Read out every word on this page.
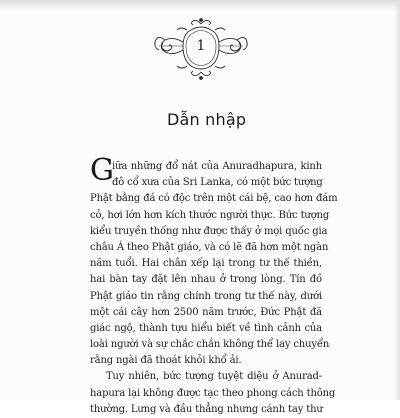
1
Dẫn nhập
G
iữa những đổ nát của Anuradhapura, kinh
đô cổ xưa của Sri Lanka, có một bức tượng
Phật bằng đá có độc trên một cái bệ, cao hơn đám
cỏ, hơi lớn hơn kích thước người thực. Bức tượng
kiểu truyền thống như được thấy ở mọi quốc gia
châu Á theo Phật giáo, và có lẽ đã hơn một ngàn
năm tuổi. Hai chân xếp lại trong tư thế thiền,
hai bàn tay đặt lên nhau ở trong lòng. Tín đồ
Phật giáo tin rằng chính trong tư thế này, dưới
một cái cây hơn 2500 năm trước, Đức Phật đã
giác ngộ, thành tựu hiểu biết về tình cảnh của
loài người và sự chắc chắn không thể lay chuyển
rằng ngài đã thoát khỏi khổ ải.
Tuy nhiên, bức tượng tuyệt diệu ở Anurad-
hapura lại không được tạc theo phong cách thông
thường. Lưng và đầu thẳng nhưng cánh tay thư
